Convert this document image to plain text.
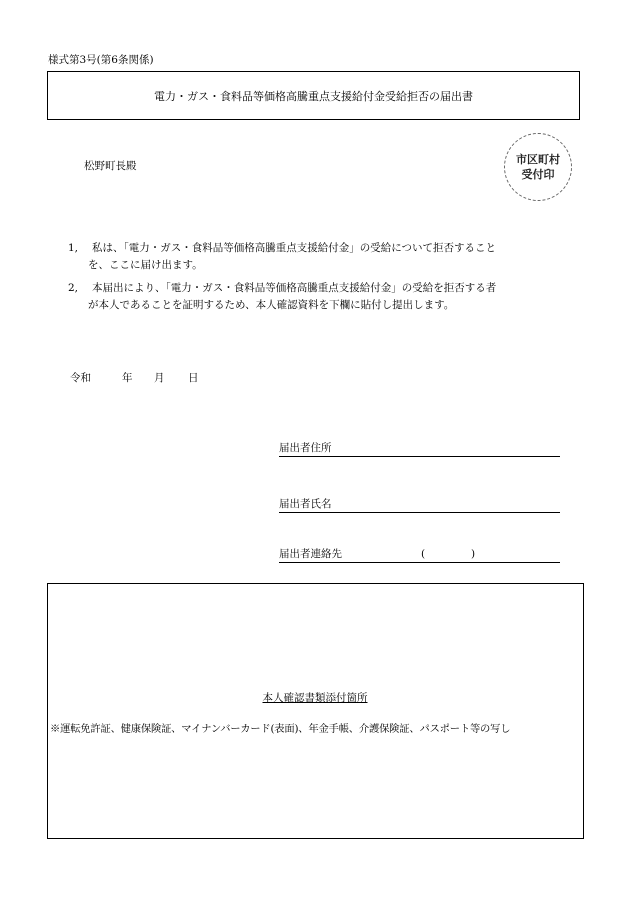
様式第3号(第6条関係)
電力・ガス・食料品等価格高騰重点支援給付金受給拒否の届出書
松野町長殿	市区町村
受付印
1, 私は、「電力・ガス・食料品等価格高騰重点支援給付金」の受給について拒否すること
を、ここに届け出ます。
2, 本届出により、「電力・ガス・食料品等価格高騰重点支援給付金」の受給を拒否する者
が本人であることを証明するため、本人確認資料を下欄に貼付し提出します。
令和	年 月 日
届出者住所
届出者氏名
届出者連絡先	(	)
本人確認書類添付箇所
※運転免許証、健康保険証、マイナンバーカード(表面)、年金手帳、介護保険証、パスポート等の写し
